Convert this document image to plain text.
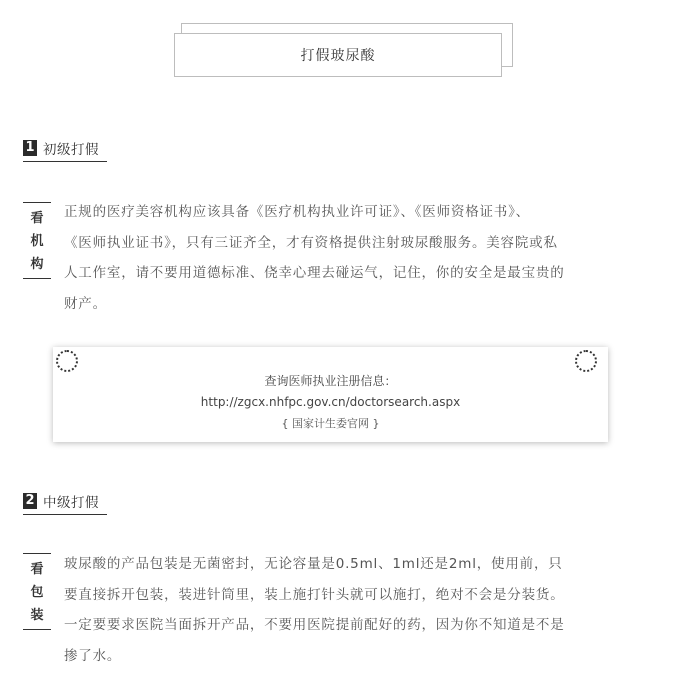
打假玻尿酸
1 初级打假
看
机
构
正规的医疗美容机构应该具备《医疗机构执业许可证》、《医师资格证书》、
《医师执业证书》，只有三证齐全，才有资格提供注射玻尿酸服务。美容院或私
人工作室，请不要用道德标准、侥幸心理去碰运气，记住，你的安全是最宝贵的
财产。
查询医师执业注册信息：
http://zgcx.nhfpc.gov.cn/doctorsearch.aspx
{ 国家计生委官网 }
2 中级打假
看
包
装
玻尿酸的产品包装是无菌密封，无论容量是0.5ml、1ml还是2ml，使用前，只
要直接拆开包装，装进针筒里，装上施打针头就可以施打，绝对不会是分装货。
一定要要求医院当面拆开产品，不要用医院提前配好的药，因为你不知道是不是
掺了水。
